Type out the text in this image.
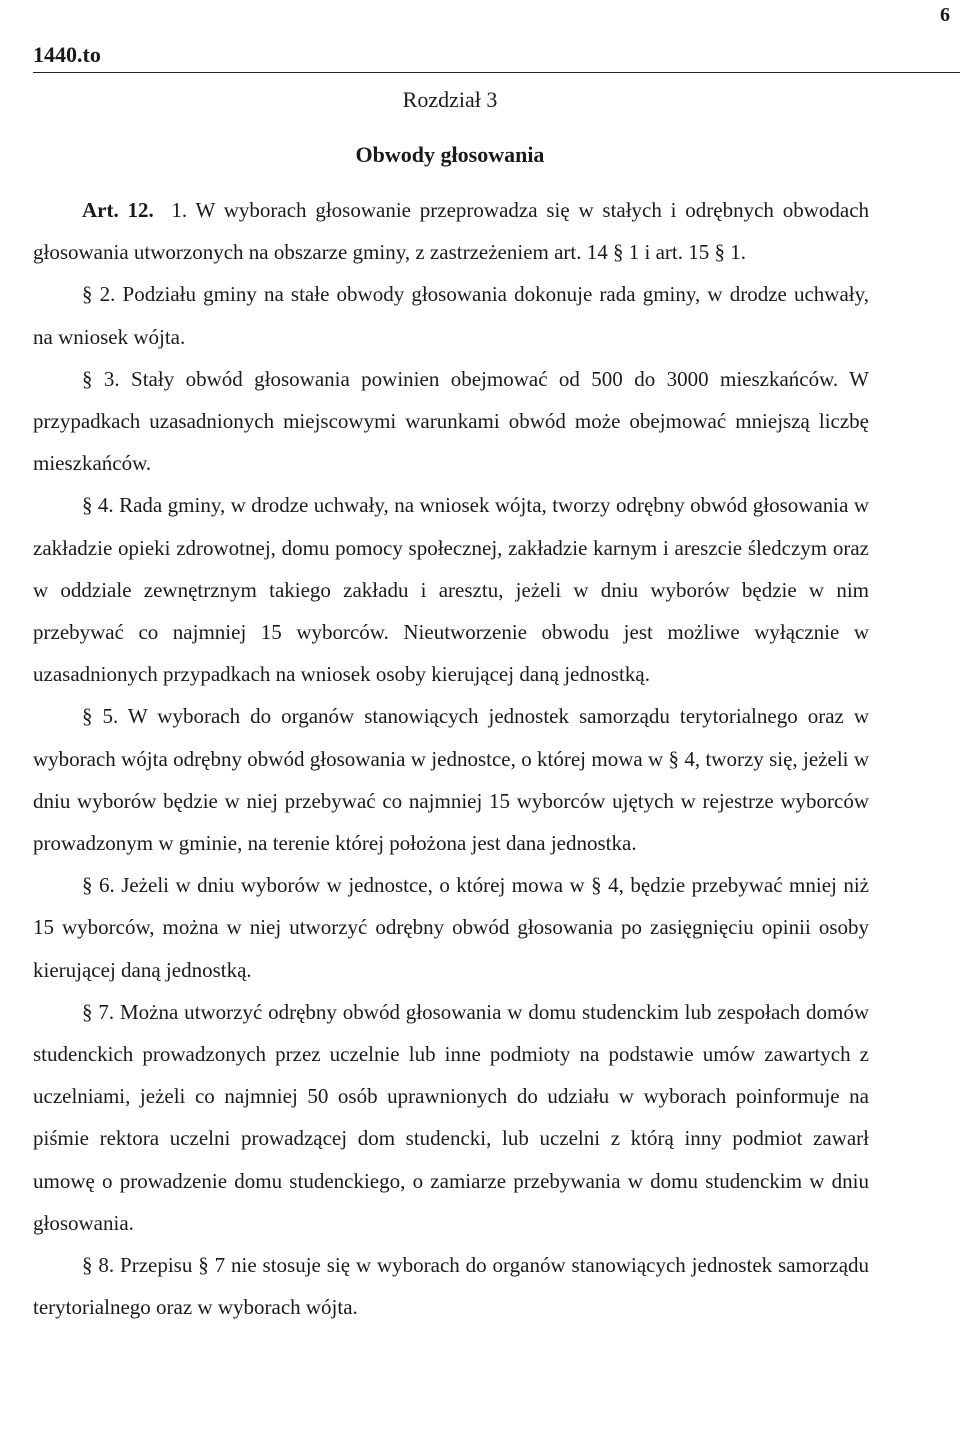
6
1440.to
Rozdział 3
Obwody głosowania

Art. 12. 1. W wyborach głosowanie przeprowadza się w stałych i odrębnych obwodach głosowania utworzonych na obszarze gminy, z zastrzeżeniem art. 14 § 1 i art. 15 § 1.

§ 2. Podziału gminy na stałe obwody głosowania dokonuje rada gminy, w drodze uchwały, na wniosek wójta.

§ 3. Stały obwód głosowania powinien obejmować od 500 do 3000 mieszkańców. W przypadkach uzasadnionych miejscowymi warunkami obwód może obejmować mniejszą liczbę mieszkańców.

§ 4. Rada gminy, w drodze uchwały, na wniosek wójta, tworzy odrębny obwód głosowania w zakładzie opieki zdrowotnej, domu pomocy społecznej, zakładzie karnym i areszcie śledczym oraz w oddziale zewnętrznym takiego zakładu i aresztu, jeżeli w dniu wyborów będzie w nim przebywać co najmniej 15 wyborców. Nieutworzenie obwodu jest możliwe wyłącznie w uzasadnionych przypadkach na wniosek osoby kierującej daną jednostką.

§ 5. W wyborach do organów stanowiących jednostek samorządu terytorialnego oraz w wyborach wójta odrębny obwód głosowania w jednostce, o której mowa w § 4, tworzy się, jeżeli w dniu wyborów będzie w niej przebywać co najmniej 15 wyborców ujętych w rejestrze wyborców prowadzonym w gminie, na terenie której położona jest dana jednostka.

§ 6. Jeżeli w dniu wyborów w jednostce, o której mowa w § 4, będzie przebywać mniej niż 15 wyborców, można w niej utworzyć odrębny obwód głosowania po zasięgnięciu opinii osoby kierującej daną jednostką.

§ 7. Można utworzyć odrębny obwód głosowania w domu studenckim lub zespołach domów studenckich prowadzonych przez uczelnie lub inne podmioty na podstawie umów zawartych z uczelniami, jeżeli co najmniej 50 osób uprawnionych do udziału w wyborach poinformuje na piśmie rektora uczelni prowadzącej dom studencki, lub uczelni z którą inny podmiot zawarł umowę o prowadzenie domu studenckiego, o zamiarze przebywania w domu studenckim w dniu głosowania.

§ 8. Przepisu § 7 nie stosuje się w wyborach do organów stanowiących jednostek samorządu terytorialnego oraz w wyborach wójta.
